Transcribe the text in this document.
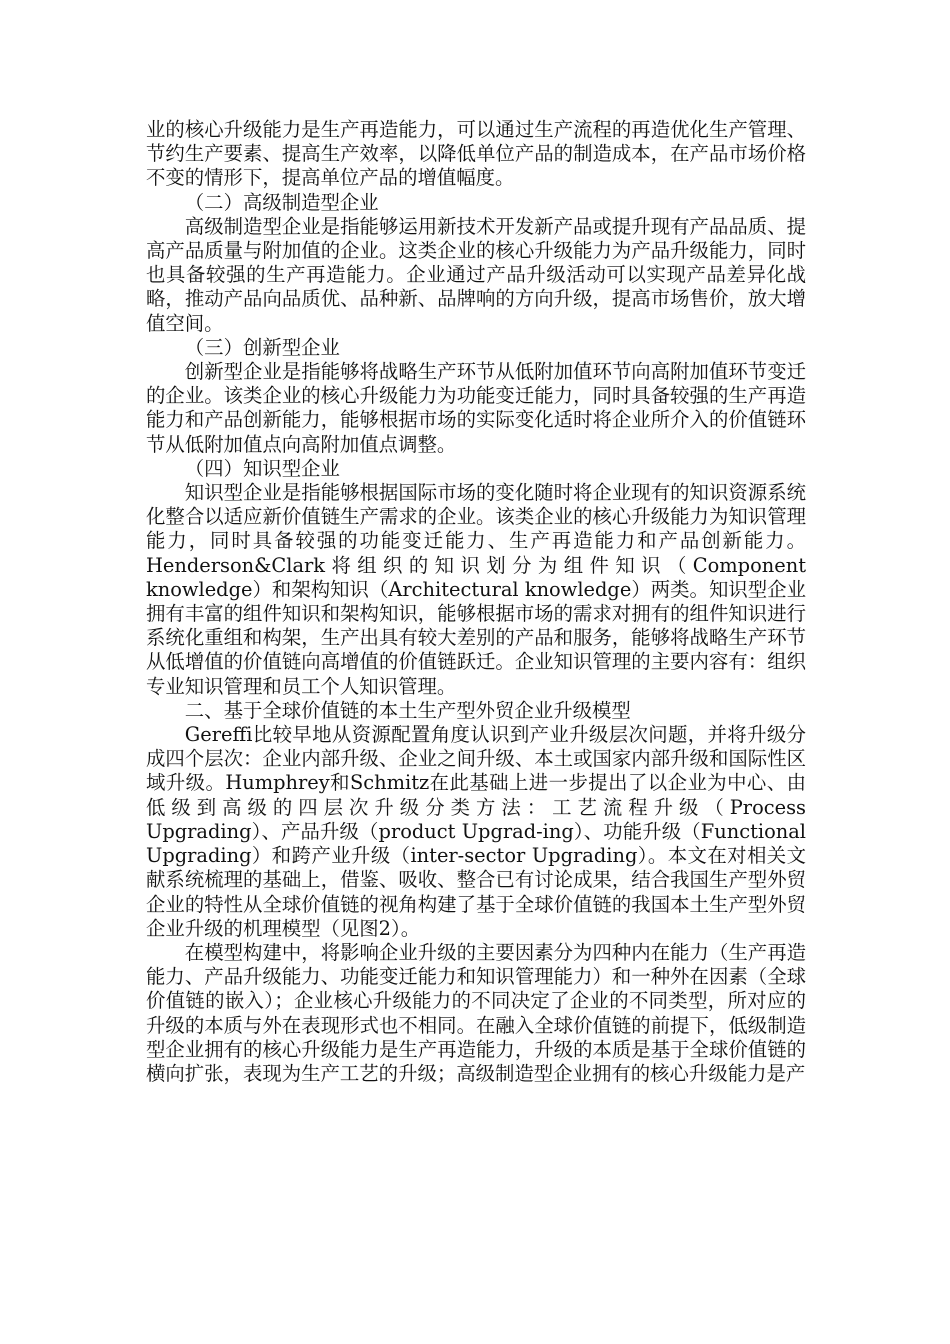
业的核心升级能力是生产再造能力，可以通过生产流程的再造优化生产管理、节约生产要素、提高生产效率，以降低单位产品的制造成本，在产品市场价格不变的情形下，提高单位产品的增值幅度。

（二）高级制造型企业

高级制造型企业是指能够运用新技术开发新产品或提升现有产品品质、提高产品质量与附加值的企业。这类企业的核心升级能力为产品升级能力，同时也具备较强的生产再造能力。企业通过产品升级活动可以实现产品差异化战略，推动产品向品质优、品种新、品牌响的方向升级，提高市场售价，放大增值空间。

（三）创新型企业

创新型企业是指能够将战略生产环节从低附加值环节向高附加值环节变迁的企业。该类企业的核心升级能力为功能变迁能力，同时具备较强的生产再造能力和产品创新能力，能够根据市场的实际变化适时将企业所介入的价值链环节从低附加值点向高附加值点调整。

（四）知识型企业

知识型企业是指能够根据国际市场的变化随时将企业现有的知识资源系统化整合以适应新价值链生产需求的企业。该类企业的核心升级能力为知识管理能力，同时具备较强的功能变迁能力、生产再造能力和产品创新能力。Henderson&Clark将组织的知识划分为组件知识（Component knowledge）和架构知识（Architectural knowledge）两类。知识型企业拥有丰富的组件知识和架构知识，能够根据市场的需求对拥有的组件知识进行系统化重组和构架，生产出具有较大差别的产品和服务，能够将战略生产环节从低增值的价值链向高增值的价值链跃迁。企业知识管理的主要内容有：组织专业知识管理和员工个人知识管理。

二、基于全球价值链的本土生产型外贸企业升级模型

Gereffi比较早地从资源配置角度认识到产业升级层次问题，并将升级分成四个层次：企业内部升级、企业之间升级、本土或国家内部升级和国际性区域升级。Humphrey和Schmitz在此基础上进一步提出了以企业为中心、由低级到高级的四层次升级分类方法：工艺流程升级（Process Upgrading）、产品升级（product Upgrad-ing）、功能升级（Functional Upgrading）和跨产业升级（inter-sector Upgrading）。本文在对相关文献系统梳理的基础上，借鉴、吸收、整合已有讨论成果，结合我国生产型外贸企业的特性从全球价值链的视角构建了基于全球价值链的我国本土生产型外贸企业升级的机理模型（见图2）。

在模型构建中，将影响企业升级的主要因素分为四种内在能力（生产再造能力、产品升级能力、功能变迁能力和知识管理能力）和一种外在因素（全球价值链的嵌入）；企业核心升级能力的不同决定了企业的不同类型，所对应的升级的本质与外在表现形式也不相同。在融入全球价值链的前提下，低级制造型企业拥有的核心升级能力是生产再造能力，升级的本质是基于全球价值链的横向扩张，表现为生产工艺的升级；高级制造型企业拥有的核心升级能力是产
